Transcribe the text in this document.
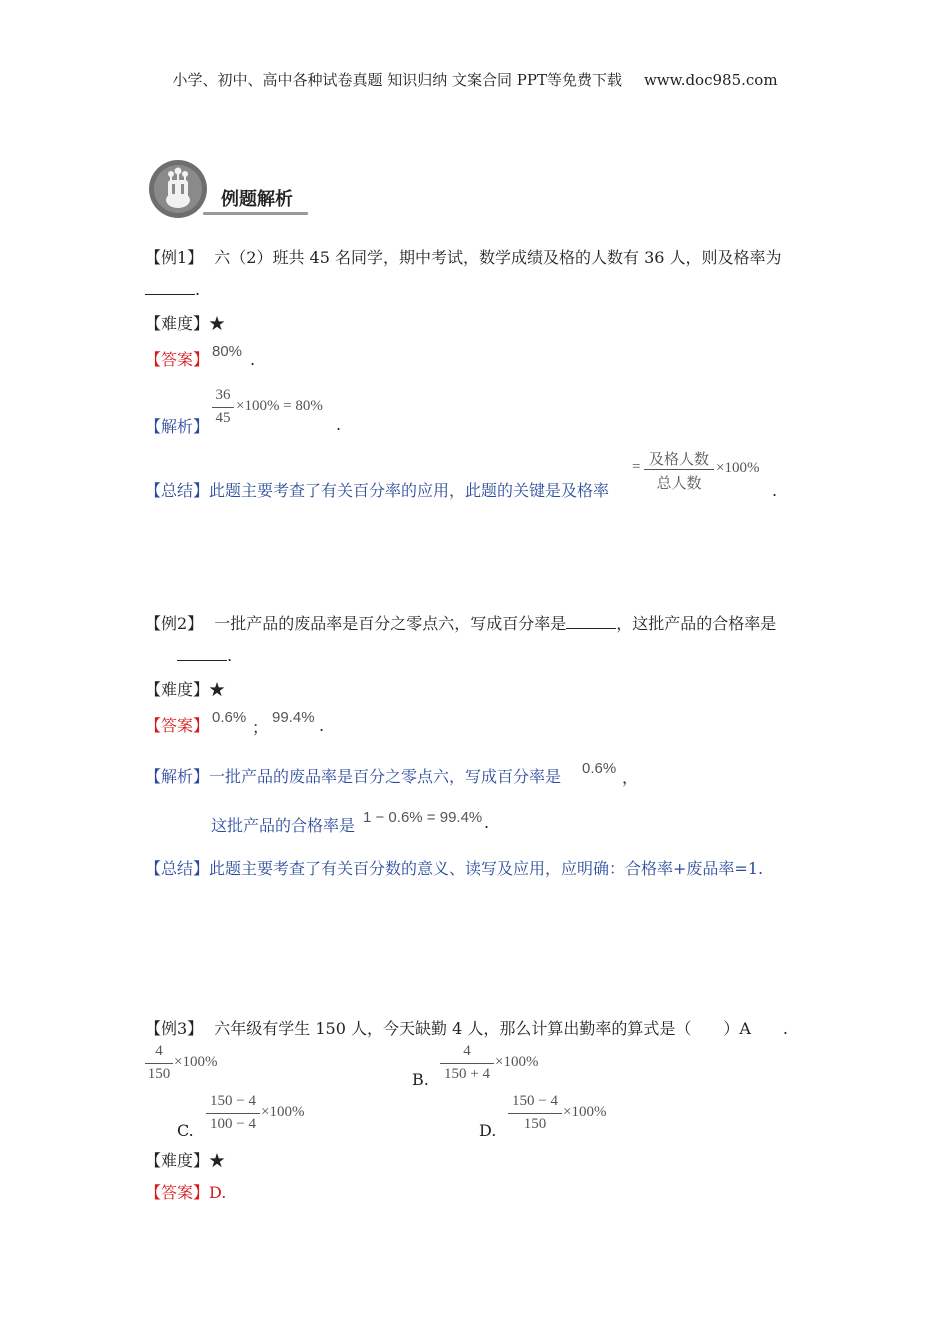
小学、初中、高中各种试卷真题 知识归纳 文案合同 PPT等免费下载 www.doc985.com
例题解析
【例1】 六（2）班共 45 名同学，期中考试，数学成绩及格的人数有 36 人，则及格率为
.
【难度】★
【答案】 80% .
【解析】
36
45
×100% = 80%
.
【总结】此题主要考查了有关百分率的应用，此题的关键是及格率
= 及格人数
总人数
×100%
.
【例2】 一批产品的废品率是百分之零点六，写成百分率是	，这批产品的合格率是
.
【难度】★
【答案】 0.6%
；
99.4% .
【解析】一批产品的废品率是百分之零点六，写成百分率是 0.6% ，
这批产品的合格率是 1 − 0.6% = 99.4% .
【总结】此题主要考查了有关百分数的意义、读写及应用，应明确：合格率+废品率=1.
【例3】 六年级有学生 150 人，今天缺勤 4 人，那么计算出勤率的算式是（　　）A　　.
4
150
×100%
B.
4
150 + 4
×100%
C.
150 − 4
100 − 4
×100%
D.
150 − 4
150
×100%
【难度】★
【答案】D.
